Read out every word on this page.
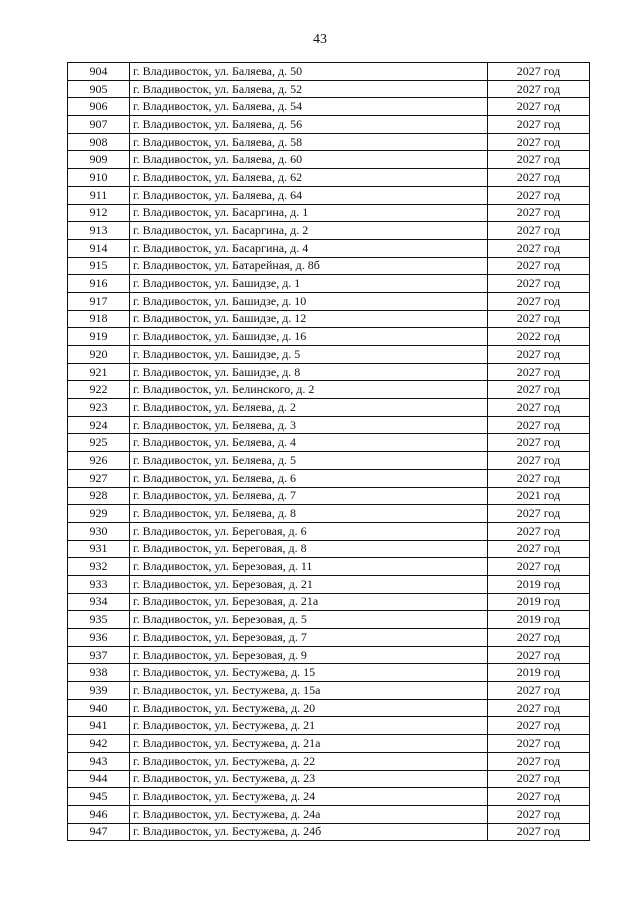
43
904	г. Владивосток, ул. Баляева, д. 50	2027 год
905	г. Владивосток, ул. Баляева, д. 52	2027 год
906	г. Владивосток, ул. Баляева, д. 54	2027 год
907	г. Владивосток, ул. Баляева, д. 56	2027 год
908	г. Владивосток, ул. Баляева, д. 58	2027 год
909	г. Владивосток, ул. Баляева, д. 60	2027 год
910	г. Владивосток, ул. Баляева, д. 62	2027 год
911	г. Владивосток, ул. Баляева, д. 64	2027 год
912	г. Владивосток, ул. Басаргина, д. 1	2027 год
913	г. Владивосток, ул. Басаргина, д. 2	2027 год
914	г. Владивосток, ул. Басаргина, д. 4	2027 год
915	г. Владивосток, ул. Батарейная, д. 8б	2027 год
916	г. Владивосток, ул. Башидзе, д. 1	2027 год
917	г. Владивосток, ул. Башидзе, д. 10	2027 год
918	г. Владивосток, ул. Башидзе, д. 12	2027 год
919	г. Владивосток, ул. Башидзе, д. 16	2022 год
920	г. Владивосток, ул. Башидзе, д. 5	2027 год
921	г. Владивосток, ул. Башидзе, д. 8	2027 год
922	г. Владивосток, ул. Белинского, д. 2	2027 год
923	г. Владивосток, ул. Беляева, д. 2	2027 год
924	г. Владивосток, ул. Беляева, д. 3	2027 год
925	г. Владивосток, ул. Беляева, д. 4	2027 год
926	г. Владивосток, ул. Беляева, д. 5	2027 год
927	г. Владивосток, ул. Беляева, д. 6	2027 год
928	г. Владивосток, ул. Беляева, д. 7	2021 год
929	г. Владивосток, ул. Беляева, д. 8	2027 год
930	г. Владивосток, ул. Береговая, д. 6	2027 год
931	г. Владивосток, ул. Береговая, д. 8	2027 год
932	г. Владивосток, ул. Березовая, д. 11	2027 год
933	г. Владивосток, ул. Березовая, д. 21	2019 год
934	г. Владивосток, ул. Березовая, д. 21а	2019 год
935	г. Владивосток, ул. Березовая, д. 5	2019 год
936	г. Владивосток, ул. Березовая, д. 7	2027 год
937	г. Владивосток, ул. Березовая, д. 9	2027 год
938	г. Владивосток, ул. Бестужева, д. 15	2019 год
939	г. Владивосток, ул. Бестужева, д. 15а	2027 год
940	г. Владивосток, ул. Бестужева, д. 20	2027 год
941	г. Владивосток, ул. Бестужева, д. 21	2027 год
942	г. Владивосток, ул. Бестужева, д. 21а	2027 год
943	г. Владивосток, ул. Бестужева, д. 22	2027 год
944	г. Владивосток, ул. Бестужева, д. 23	2027 год
945	г. Владивосток, ул. Бестужева, д. 24	2027 год
946	г. Владивосток, ул. Бестужева, д. 24а	2027 год
947	г. Владивосток, ул. Бестужева, д. 24б	2027 год
